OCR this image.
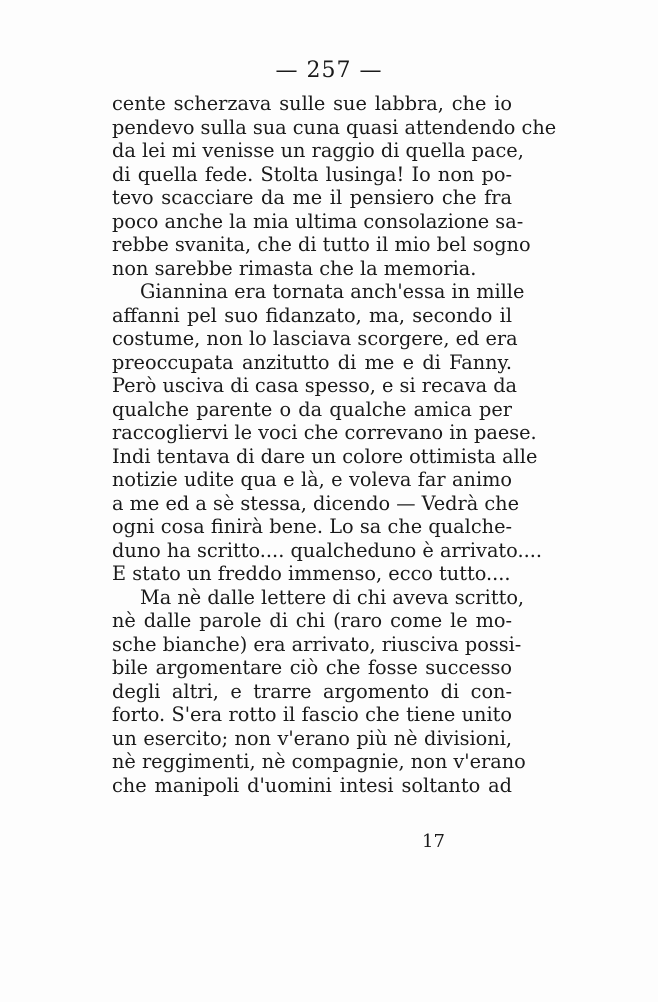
— 257 —
cente scherzava sulle sue labbra, che io
pendevo sulla sua cuna quasi attendendo che
da lei mi venisse un raggio di quella pace,
di quella fede. Stolta lusinga! Io non po-
tevo scacciare da me il pensiero che fra
poco anche la mia ultima consolazione sa-
rebbe svanita, che di tutto il mio bel sogno
non sarebbe rimasta che la memoria.
Giannina era tornata anch'essa in mille
affanni pel suo fidanzato, ma, secondo il
costume, non lo lasciava scorgere, ed era
preoccupata anzitutto di me e di Fanny.
Però usciva di casa spesso, e si recava da
qualche parente o da qualche amica per
raccogliervi le voci che correvano in paese.
Indi tentava di dare un colore ottimista alle
notizie udite qua e là, e voleva far animo
a me ed a sè stessa, dicendo — Vedrà che
ogni cosa finirà bene. Lo sa che qualche-
duno ha scritto.... qualcheduno è arrivato....
E stato un freddo immenso, ecco tutto....
Ma nè dalle lettere di chi aveva scritto,
nè dalle parole di chi (raro come le mo-
sche bianche) era arrivato, riusciva possi-
bile argomentare ciò che fosse successo
degli altri, e trarre argomento di con-
forto. S'era rotto il fascio che tiene unito
un esercito; non v'erano più nè divisioni,
nè reggimenti, nè compagnie, non v'erano
che manipoli d'uomini intesi soltanto ad
17
